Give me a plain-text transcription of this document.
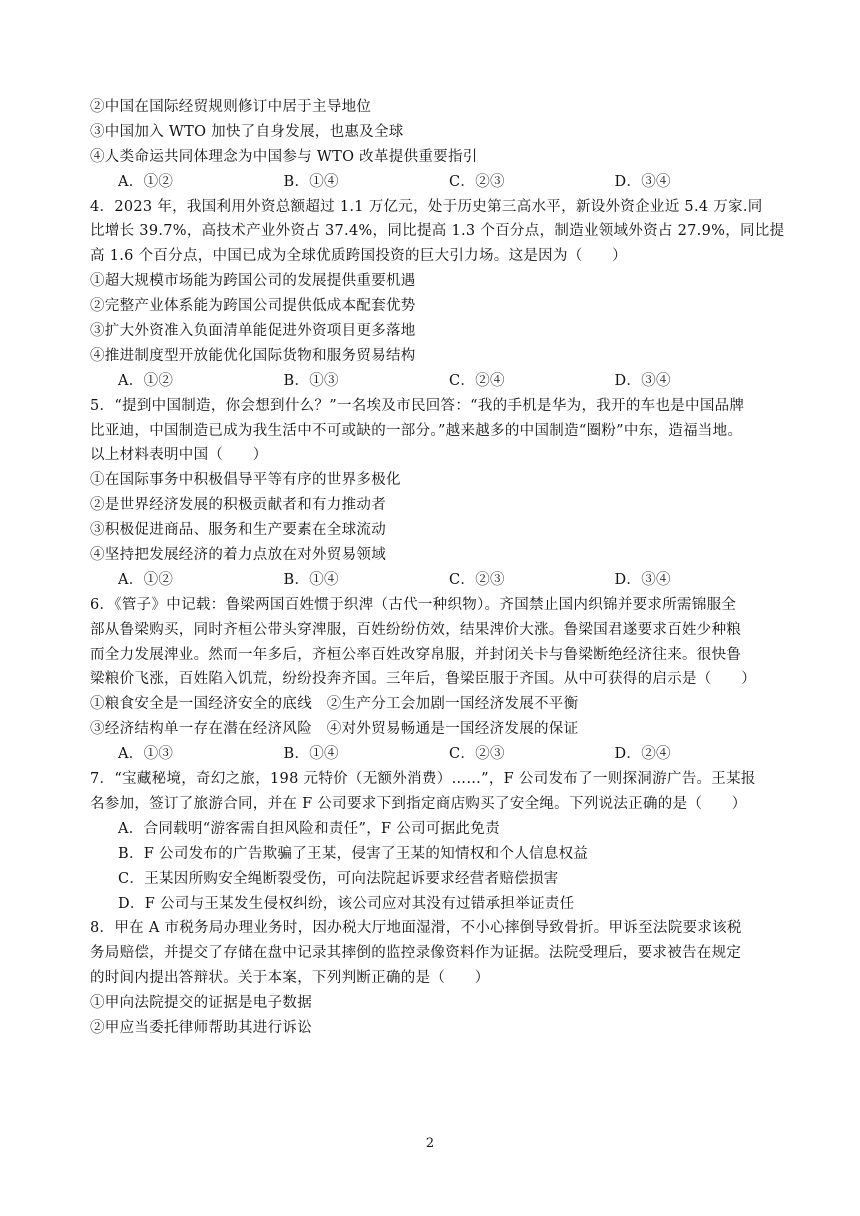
②中国在国际经贸规则修订中居于主导地位
③中国加入 WTO 加快了自身发展，也惠及全球
④人类命运共同体理念为中国参与 WTO 改革提供重要指引
A．①②	B．①④	C．②③	D．③④
4．2023 年，我国利用外资总额超过 1.1 万亿元，处于历史第三高水平，新设外资企业近 5.4 万家.同
比增长 39.7%，高技术产业外资占 37.4%，同比提高 1.3 个百分点，制造业领域外资占 27.9%，同比提
高 1.6 个百分点，中国已成为全球优质跨国投资的巨大引力场。这是因为（　　）
①超大规模市场能为跨国公司的发展提供重要机遇
②完整产业体系能为跨国公司提供低成本配套优势
③扩大外资准入负面清单能促进外资项目更多落地
④推进制度型开放能优化国际货物和服务贸易结构
A．①②	B．①③	C．②④	D．③④
5．“提到中国制造，你会想到什么？”一名埃及市民回答：“我的手机是华为，我开的车也是中国品牌
比亚迪，中国制造已成为我生活中不可或缺的一部分。”越来越多的中国制造“圈粉”中东，造福当地。
以上材料表明中国（　　）
①在国际事务中积极倡导平等有序的世界多极化
②是世界经济发展的积极贡献者和有力推动者
③积极促进商品、服务和生产要素在全球流动
④坚持把发展经济的着力点放在对外贸易领域
A．①②	B．①④	C．②③	D．③④
6．《管子》中记载：鲁梁两国百姓惯于织渒（古代一种织物）。齐国禁止国内织锦并要求所需锦服全
部从鲁梁购买，同时齐桓公带头穿渒服，百姓纷纷仿效，结果渒价大涨。鲁梁国君遂要求百姓少种粮
而全力发展渒业。然而一年多后，齐桓公率百姓改穿帛服，并封闭关卡与鲁梁断绝经济往来。很快鲁
梁粮价飞涨，百姓陷入饥荒，纷纷投奔齐国。三年后，鲁梁臣服于齐国。从中可获得的启示是（　　）
①粮食安全是一国经济安全的底线　②生产分工会加剧一国经济发展不平衡
③经济结构单一存在潜在经济风险　④对外贸易畅通是一国经济发展的保证
A．①③	B．①④	C．②③	D．②④
7．“宝藏秘境，奇幻之旅，198 元特价（无额外消费）……”，F 公司发布了一则探洞游广告。王某报
名参加，签订了旅游合同，并在 F 公司要求下到指定商店购买了安全绳。下列说法正确的是（　　）
A．合同载明“游客需自担风险和责任”，F 公司可据此免责
B．F 公司发布的广告欺骗了王某，侵害了王某的知情权和个人信息权益
C．王某因所购安全绳断裂受伤，可向法院起诉要求经营者赔偿损害
D．F 公司与王某发生侵权纠纷，该公司应对其没有过错承担举证责任
8．甲在 A 市税务局办理业务时，因办税大厅地面湿滑，不小心摔倒导致骨折。甲诉至法院要求该税
务局赔偿，并提交了存储在盘中记录其摔倒的监控录像资料作为证据。法院受理后，要求被告在规定
的时间内提出答辩状。关于本案，下列判断正确的是（　　）
①甲向法院提交的证据是电子数据
②甲应当委托律师帮助其进行诉讼
2
